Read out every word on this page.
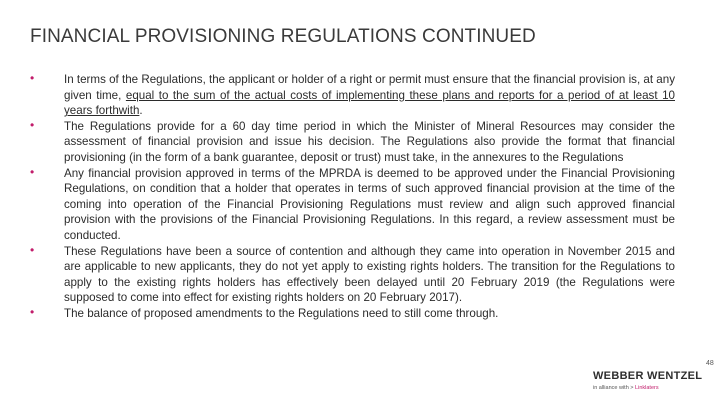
FINANCIAL PROVISIONING REGULATIONS CONTINUED
•	In terms of the Regulations, the applicant or holder of a right or permit must ensure that the financial provision is, at any given time, equal to the sum of the actual costs of implementing these plans and reports for a period of at least 10 years forthwith.
•	The Regulations provide for a 60 day time period in which the Minister of Mineral Resources may consider the assessment of financial provision and issue his decision. The Regulations also provide the format that financial provisioning (in the form of a bank guarantee, deposit or trust) must take, in the annexures to the Regulations
•	Any financial provision approved in terms of the MPRDA is deemed to be approved under the Financial Provisioning Regulations, on condition that a holder that operates in terms of such approved financial provision at the time of the coming into operation of the Financial Provisioning Regulations must review and align such approved financial provision with the provisions of the Financial Provisioning Regulations. In this regard, a review assessment must be conducted.
•	These Regulations have been a source of contention and although they came into operation in November 2015 and are applicable to new applicants, they do not yet apply to existing rights holders. The transition for the Regulations to apply to the existing rights holders has effectively been delayed until 20 February 2019 (the Regulations were supposed to come into effect for existing rights holders on 20 February 2017).
•	The balance of proposed amendments to the Regulations need to still come through.
48
WEBBER WENTZEL
in alliance with > Linklaters
